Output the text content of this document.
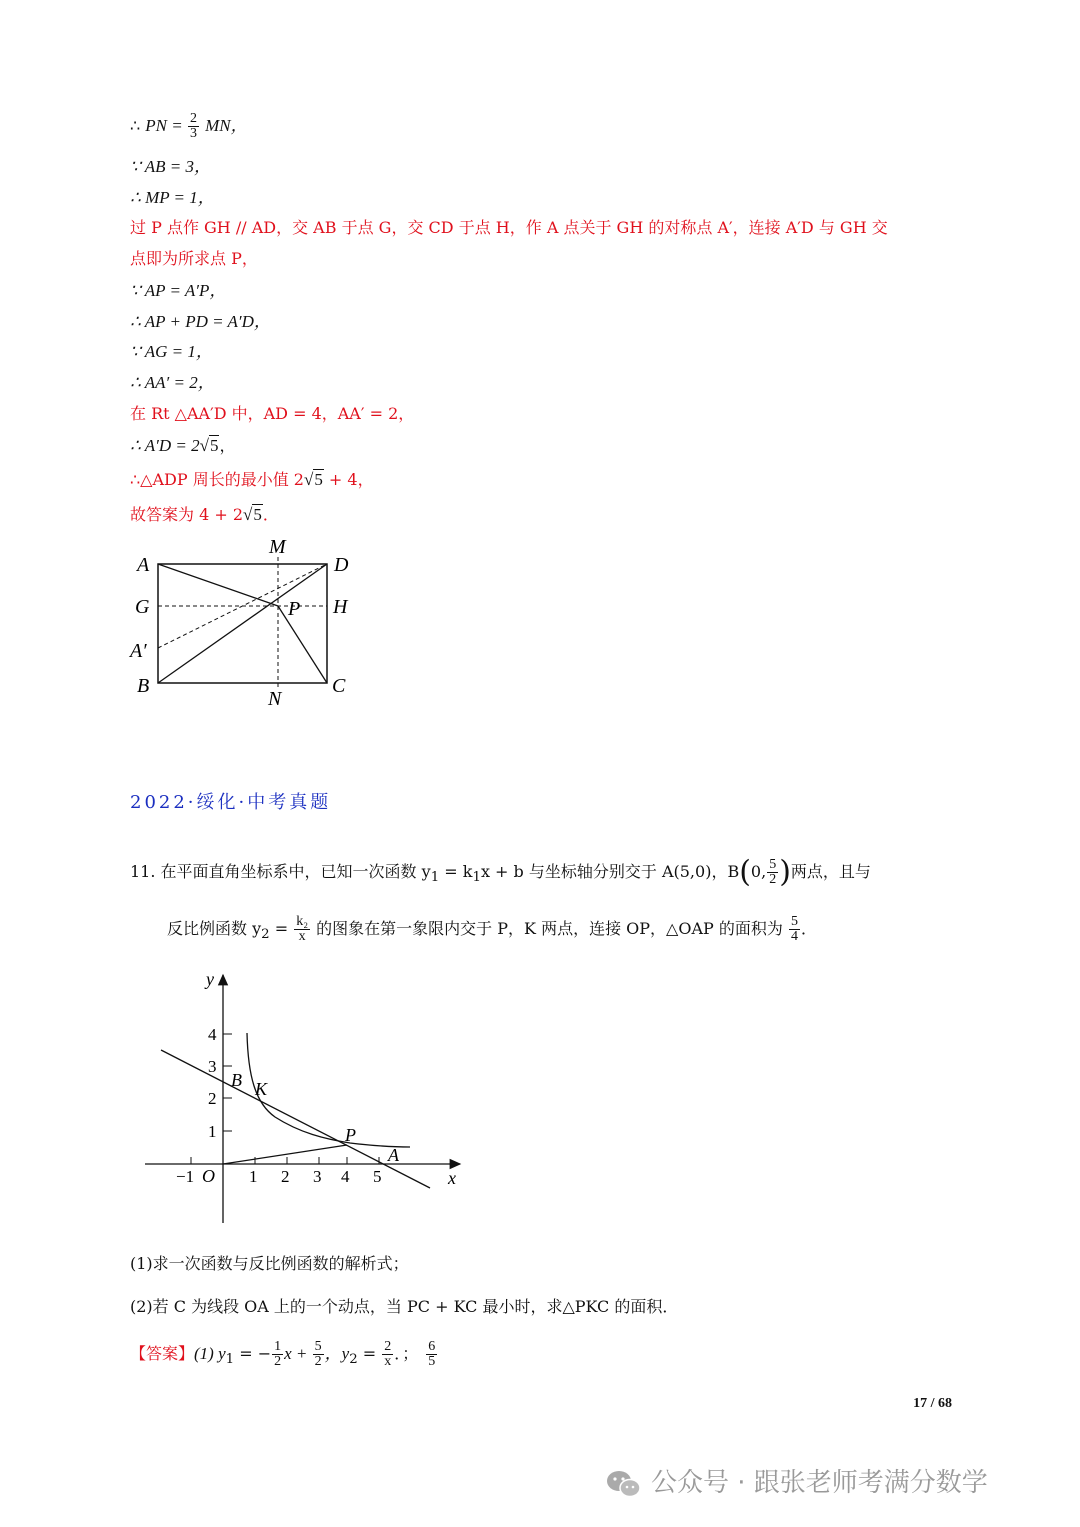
∴ PN = $\frac{2}{3}$ MN，
∵ AB = 3，
∴ MP = 1，
过 P 点作 GH // AD，交 AB 于点 G，交 CD 于点 H，作 A 点关于 GH 的对称点 A′，连接 A′D 与 GH 交
点即为所求点 P，
∵ AP = A′P，
∴ AP + PD = A′D，
∵ AG = 1，
∴ AA′ = 2，
在 Rt △AA′D 中，AD = 4，AA′ = 2，
∴ A′D = 2√5，
∴△ADP 周长的最小值 2√5 + 4，
故答案为 4 + 2√5．
A
M
D
G	P H
A′
B
N
C
2022·绥化·中考真题
11. 在平面直角坐标系中，已知一次函数 $y_1 = k_1x + b$ 与坐标轴分别交于 A(5,0)，B(0, $\frac{5}{2}$ )两点，且与
反比例函数 $y_2 = \frac{\text{k₂}}{x}$ 的图象在第一象限内交于 P，K 两点，连接 OP，△OAP 的面积为 $\frac{5}{4}$ ．
x
y
O
−1	1 2 3 4 5
1
2
3
4
B K
P
A
(1)求一次函数与反比例函数的解析式；
(2)若 C 为线段 OA 上的一个动点，当 PC + KC 最小时，求△PKC 的面积．
【答案】(1) $y_1$ = − $\frac{1}{2}$ $x + \frac{5}{2}$ ，$y_2 = \frac{2}{x}$ ．； $\frac{6}{5}$
17 / 68
公众号 · 跟张老师考满分数学
